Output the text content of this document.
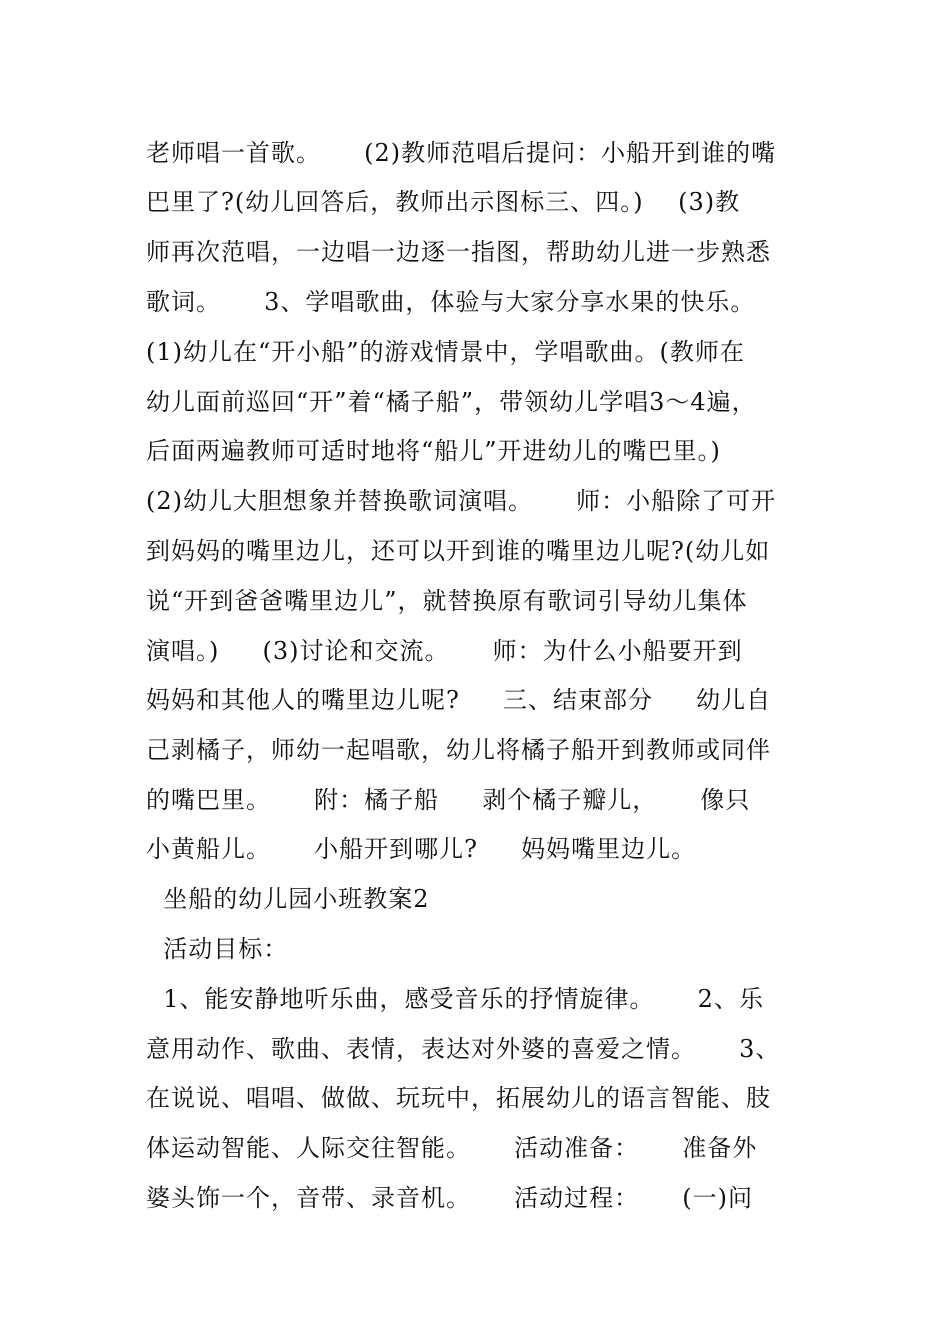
老师唱一首歌。     (2)教师范唱后提问：小船开到谁的嘴
巴里了?(幼儿回答后，教师出示图标三、四。)    (3)教
师再次范唱，一边唱一边逐一指图，帮助幼儿进一步熟悉
歌词。     3、学唱歌曲，体验与大家分享水果的快乐。
(1)幼儿在“开小船”的游戏情景中，学唱歌曲。(教师在
幼儿面前巡回“开”着“橘子船”，带领幼儿学唱3～4遍，
后面两遍教师可适时地将“船儿”开进幼儿的嘴巴里。)
(2)幼儿大胆想象并替换歌词演唱。     师：小船除了可开
到妈妈的嘴里边儿，还可以开到谁的嘴里边儿呢?(幼儿如
说“开到爸爸嘴里边儿”，就替换原有歌词引导幼儿集体
演唱。)     (3)讨论和交流。     师：为什么小船要开到
妈妈和其他人的嘴里边儿呢?     三、结束部分     幼儿自
己剥橘子，师幼一起唱歌，幼儿将橘子船开到教师或同伴
的嘴巴里。     附：橘子船     剥个橘子瓣儿，     像只
小黄船儿。     小船开到哪儿?     妈妈嘴里边儿。
坐船的幼儿园小班教案2
活动目标：
1、能安静地听乐曲，感受音乐的抒情旋律。     2、乐
意用动作、歌曲、表情，表达对外婆的喜爱之情。     3、
在说说、唱唱、做做、玩玩中，拓展幼儿的语言智能、肢
体运动智能、人际交往智能。     活动准备：     准备外
婆头饰一个，音带、录音机。     活动过程：     (一)问
